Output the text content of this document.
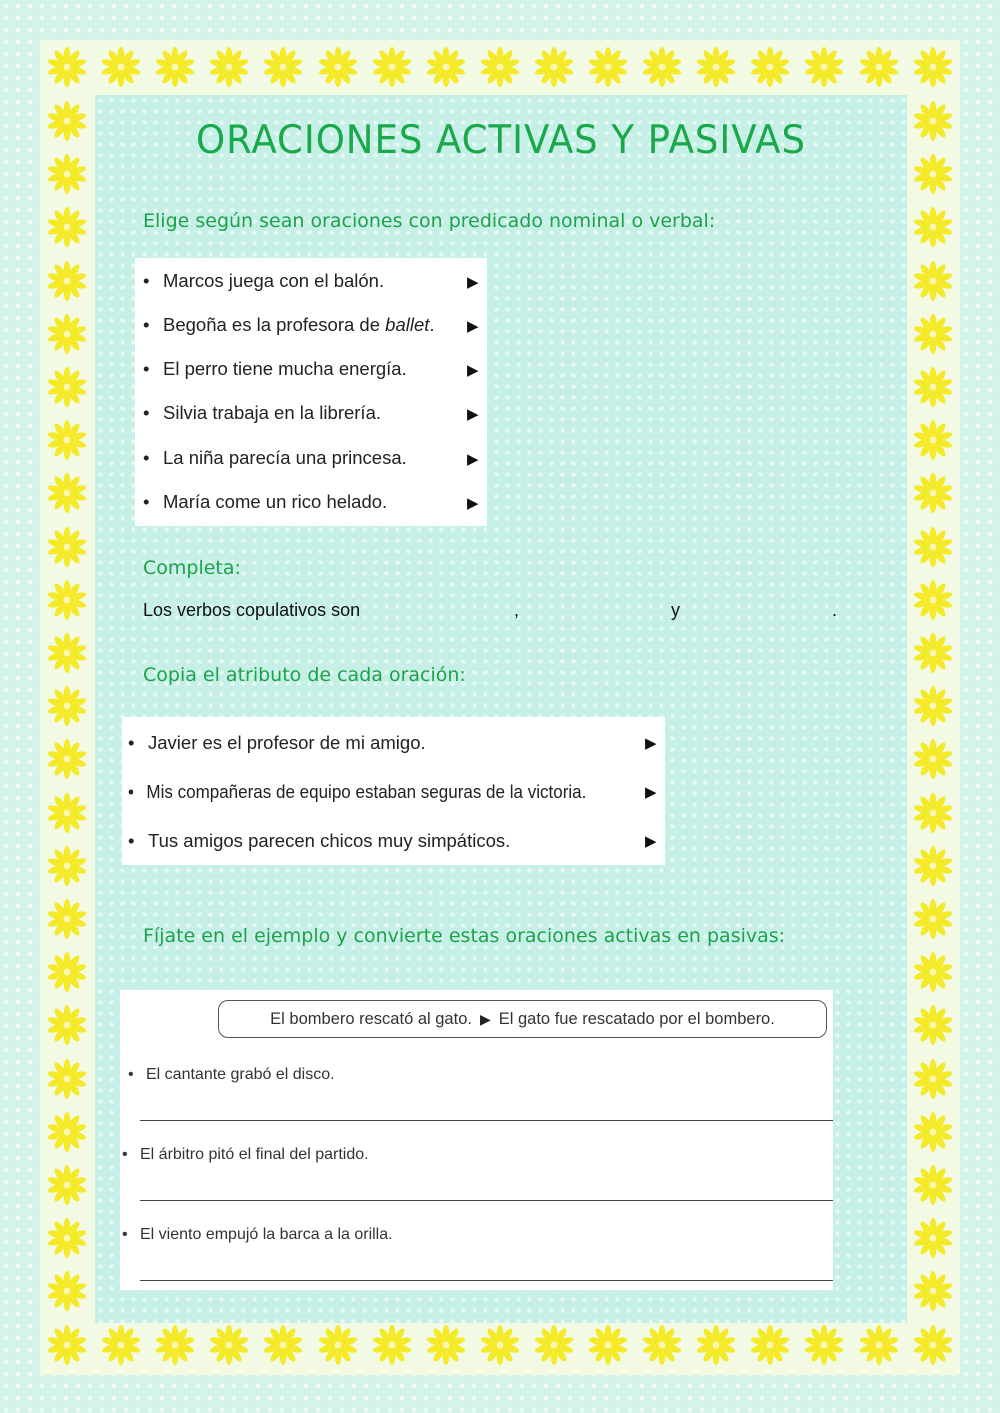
ORACIONES ACTIVAS Y PASIVAS

Elige según sean oraciones con predicado nominal o verbal:

• Marcos juega con el balón.	▶
• Begoña es la profesora de ballet. ▶
• El perro tiene mucha energía.	▶
• Silvia trabaja en la librería.	▶
• La niña parecía una princesa.	▶
• María come un rico helado.	▶

Completa:

Los verbos copulativos son	,	y	.

Copia el atributo de cada oración:

• Javier es el profesor de mi amigo.	▶
• Mis compañeras de equipo estaban seguras de la victoria.	▶
• Tus amigos parecen chicos muy simpáticos.	▶

Fíjate en el ejemplo y convierte estas oraciones activas en pasivas:

El bombero rescató al gato. ▶ El gato fue rescatado por el bombero.
• El cantante grabó el disco.
• El árbitro pitó el final del partido.
• El viento empujó la barca a la orilla.
